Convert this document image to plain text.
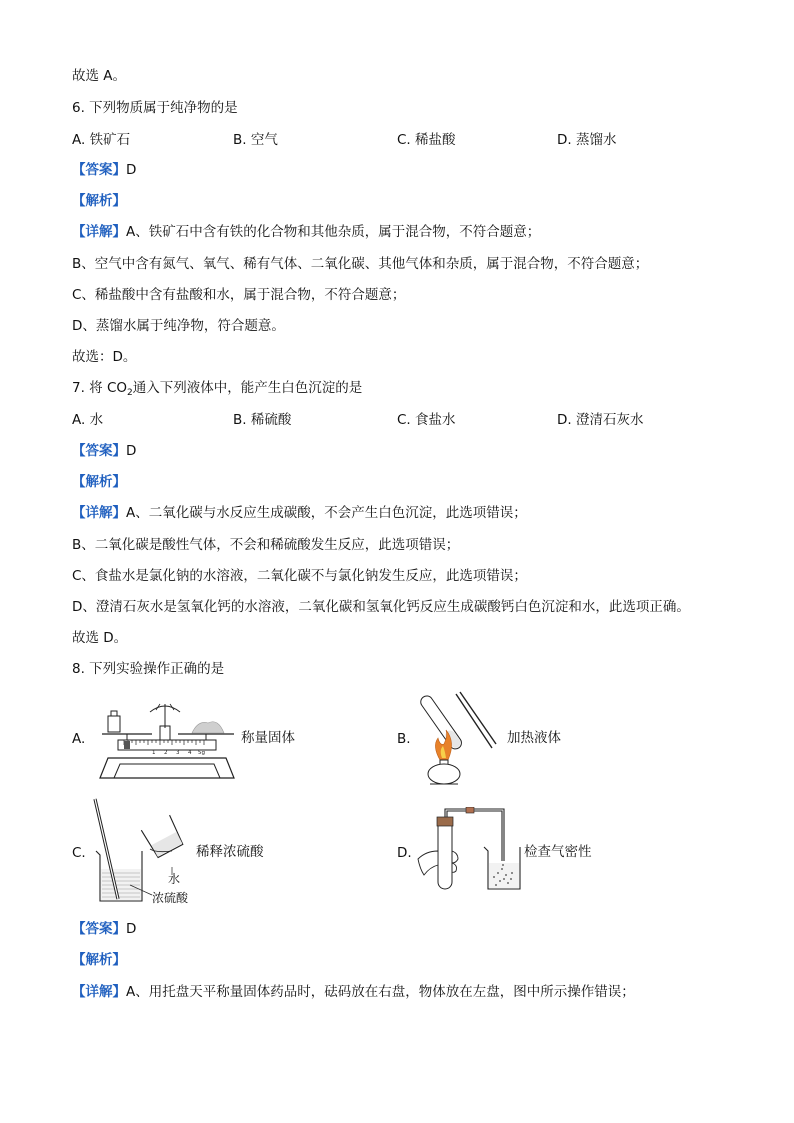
故选 A。
6. 下列物质属于纯净物的是
A. 铁矿石	B. 空气	C. 稀盐酸	D. 蒸馏水
【答案】D
【解析】
【详解】A、铁矿石中含有铁的化合物和其他杂质，属于混合物，不符合题意；
B、空气中含有氮气、氧气、稀有气体、二氧化碳、其他气体和杂质，属于混合物，不符合题意；
C、稀盐酸中含有盐酸和水，属于混合物，不符合题意；
D、蒸馏水属于纯净物，符合题意。
故选：D。
7. 将 $CO_2$通入下列液体中，能产生白色沉淀的是
A. 水	B. 稀硫酸	C. 食盐水	D. 澄清石灰水
【答案】D
【解析】
【详解】A、二氧化碳与水反应生成碳酸，不会产生白色沉淀，此选项错误；
B、二氧化碳是酸性气体，不会和稀硫酸发生反应，此选项错误；
C、食盐水是氯化钠的水溶液，二氧化碳不与氯化钠发生反应，此选项错误；
D、澄清石灰水是氢氧化钙的水溶液，二氧化碳和氢氧化钙反应生成碳酸钙白色沉淀和水，此选项正确。
故选 D。
8. 下列实验操作正确的是
A.
1 2 3 4 5g
称量固体	B.	加热液体
C.	稀释浓硫酸
水
浓硫酸
D.	检查气密性
【答案】D
【解析】
【详解】A、用托盘天平称量固体药品时，砝码放在右盘，物体放在左盘，图中所示操作错误；
